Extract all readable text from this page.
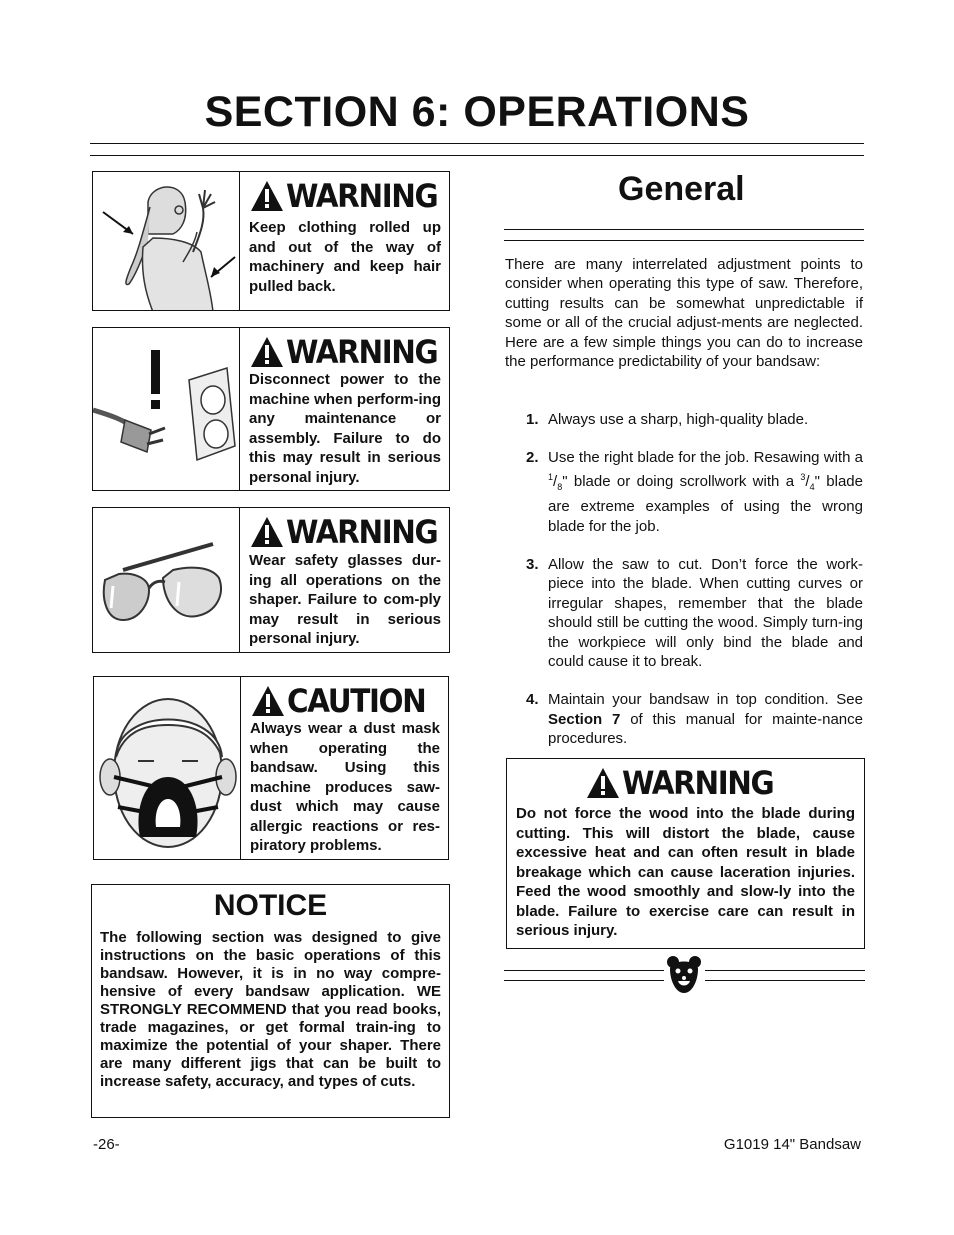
SECTION 6: OPERATIONS
WARNING
Keep clothing rolled up and out of the way of machinery and keep hair pulled back.
WARNING
Disconnect power to the machine when perform-ing any maintenance or assembly. Failure to do this may result in serious personal injury.
WARNING
Wear safety glasses dur-ing all operations on the shaper. Failure to com-ply may result in serious personal injury.
CAUTION
Always wear a dust mask when operating the bandsaw. Using this machine produces saw-dust which may cause allergic reactions or res-piratory problems.
NOTICE
The following section was designed to give instructions on the basic operations of this bandsaw. However, it is in no way compre-hensive of every bandsaw application. WE STRONGLY RECOMMEND that you read books, trade magazines, or get formal train-ing to maximize the potential of your shaper. There are many different jigs that can be built to increase safety, accuracy, and types of cuts.
General
There are many interrelated adjustment points to consider when operating this type of saw. Therefore, cutting results can be somewhat unpredictable if some or all of the crucial adjust-ments are neglected. Here are a few simple things you can do to increase the performance predictability of your bandsaw:
1. Always use a sharp, high-quality blade.
2. Use the right blade for the job. Resawing with a $^1/_8$" blade or doing scrollwork with a $^3/_4$" blade are extreme examples of using the wrong blade for the job.
3. Allow the saw to cut. Don’t force the work-piece into the blade. When cutting curves or irregular shapes, remember that the blade should still be cutting the wood. Simply turn-ing the workpiece will only bind the blade and could cause it to break.
4. Maintain your bandsaw in top condition. See Section 7 of this manual for mainte-nance procedures.
WARNING
Do not force the wood into the blade during cutting. This will distort the blade, cause excessive heat and can often result in blade breakage which can cause laceration injuries. Feed the wood smoothly and slow-ly into the blade. Failure to exercise care can result in serious injury.
-26-	G1019 14" Bandsaw
